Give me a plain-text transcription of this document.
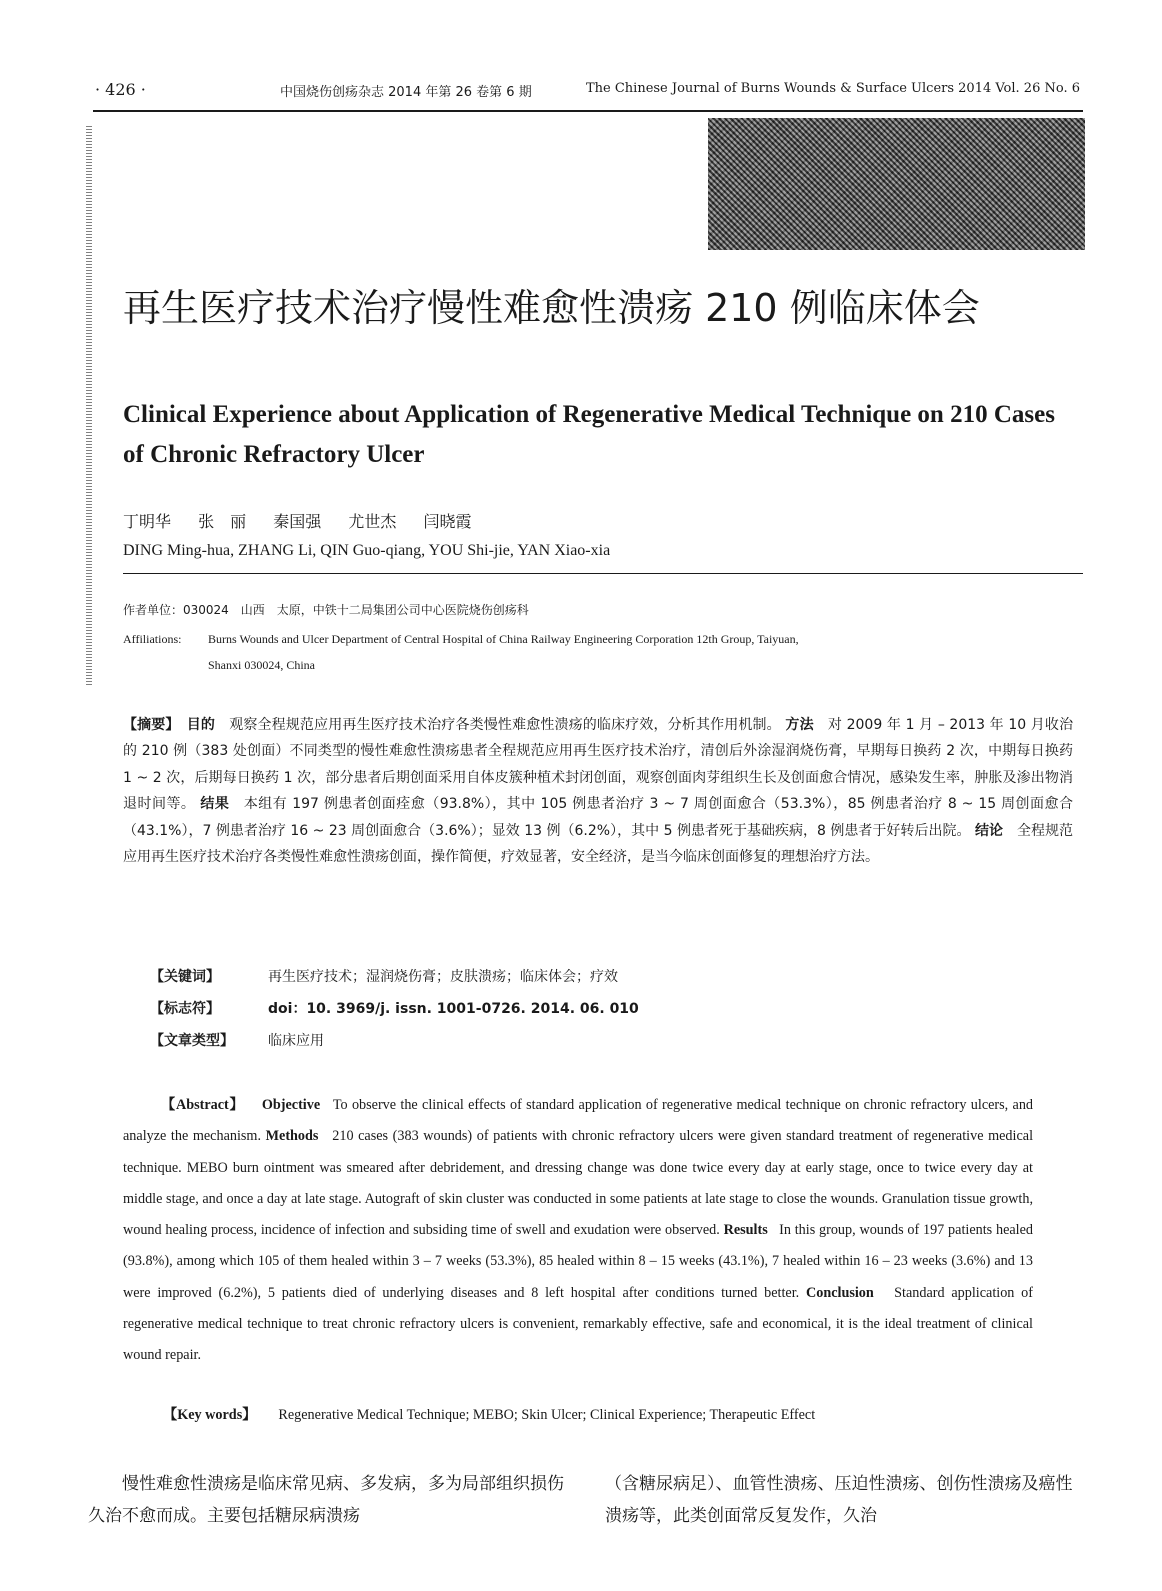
· 426 ·	中国烧伤创疡杂志 2014 年第 26 卷第 6 期	The Chinese Journal of Burns Wounds & Surface Ulcers 2014 Vol. 26 No. 6
再生医疗技术治疗慢性难愈性溃疡 210 例临床体会
Clinical Experience about Application of Regenerative Medical Technique on 210 Cases of Chronic Refractory Ulcer
丁明华 张　丽 秦国强 尤世杰 闫晓霞
DING Ming-hua, ZHANG Li, QIN Guo-qiang, YOU Shi-jie, YAN Xiao-xia
作者单位：030024　山西　太原，中铁十二局集团公司中心医院烧伤创疡科
Affiliations: Burns Wounds and Ulcer Department of Central Hospital of China Railway Engineering Corporation 12th Group, Taiyuan,
Shanxi 030024, China
【摘要】　 目的　 观察全程规范应用再生医疗技术治疗各类慢性难愈性溃疡的临床疗效，分析其作用机制。 方法　 对 2009 年 1 月 – 2013 年 10 月收治的 210 例（383 处创面）不同类型的慢性难愈性溃疡患者全程规范应用再生医疗技术治疗，清创后外涂湿润烧伤膏，早期每日换药 2 次，中期每日换药 1 ~ 2 次，后期每日换药 1 次，部分患者后期创面采用自体皮簇种植术封闭创面，观察创面肉芽组织生长及创面愈合情况，感染发生率，肿胀及渗出物消退时间等。 结果　 本组有 197 例患者创面痊愈（93.8%），其中 105 例患者治疗 3 ~ 7 周创面愈合（53.3%），85 例患者治疗 8 ~ 15 周创面愈合（43.1%），7 例患者治疗 16 ~ 23 周创面愈合（3.6%）；显效 13 例（6.2%），其中 5 例患者死于基础疾病，8 例患者于好转后出院。 结论　 全程规范应用再生医疗技术治疗各类慢性难愈性溃疡创面，操作简便，疗效显著，安全经济，是当今临床创面修复的理想治疗方法。
【关键词】	再生医疗技术；湿润烧伤膏；皮肤溃疡；临床体会；疗效
【标志符】	doi：10. 3969/j. issn. 1001-0726. 2014. 06. 010
【文章类型】 临床应用
【Abstract】 Objective To observe the clinical effects of standard application of regenerative medical technique on chronic refractory ulcers, and analyze the mechanism. Methods 210 cases (383 wounds) of patients with chronic refractory ulcers were given standard treatment of regenerative medical technique. MEBO burn ointment was smeared after debridement, and dressing change was done twice every day at early stage, once to twice every day at middle stage, and once a day at late stage. Autograft of skin cluster was conducted in some patients at late stage to close the wounds. Granulation tissue growth, wound healing process, incidence of infection and subsiding time of swell and exudation were observed. Results In this group, wounds of 197 patients healed (93.8%), among which 105 of them healed within 3 – 7 weeks (53.3%), 85 healed within 8 – 15 weeks (43.1%), 7 healed within 16 – 23 weeks (3.6%) and 13 were improved (6.2%), 5 patients died of underlying diseases and 8 left hospital after conditions turned better. Conclusion Standard application of regenerative medical technique to treat chronic refractory ulcers is convenient, remarkably effective, safe and economical, it is the ideal treatment of clinical wound repair.
【Key words】 Regenerative Medical Technique; MEBO; Skin Ulcer; Clinical Experience; Therapeutic Effect
　　慢性难愈性溃疡是临床常见病、多发病，多为局部组织损伤久治不愈而成。主要包括糖尿病溃疡
（含糖尿病足）、血管性溃疡、压迫性溃疡、创伤性溃疡及癌性溃疡等，此类创面常反复发作，久治
